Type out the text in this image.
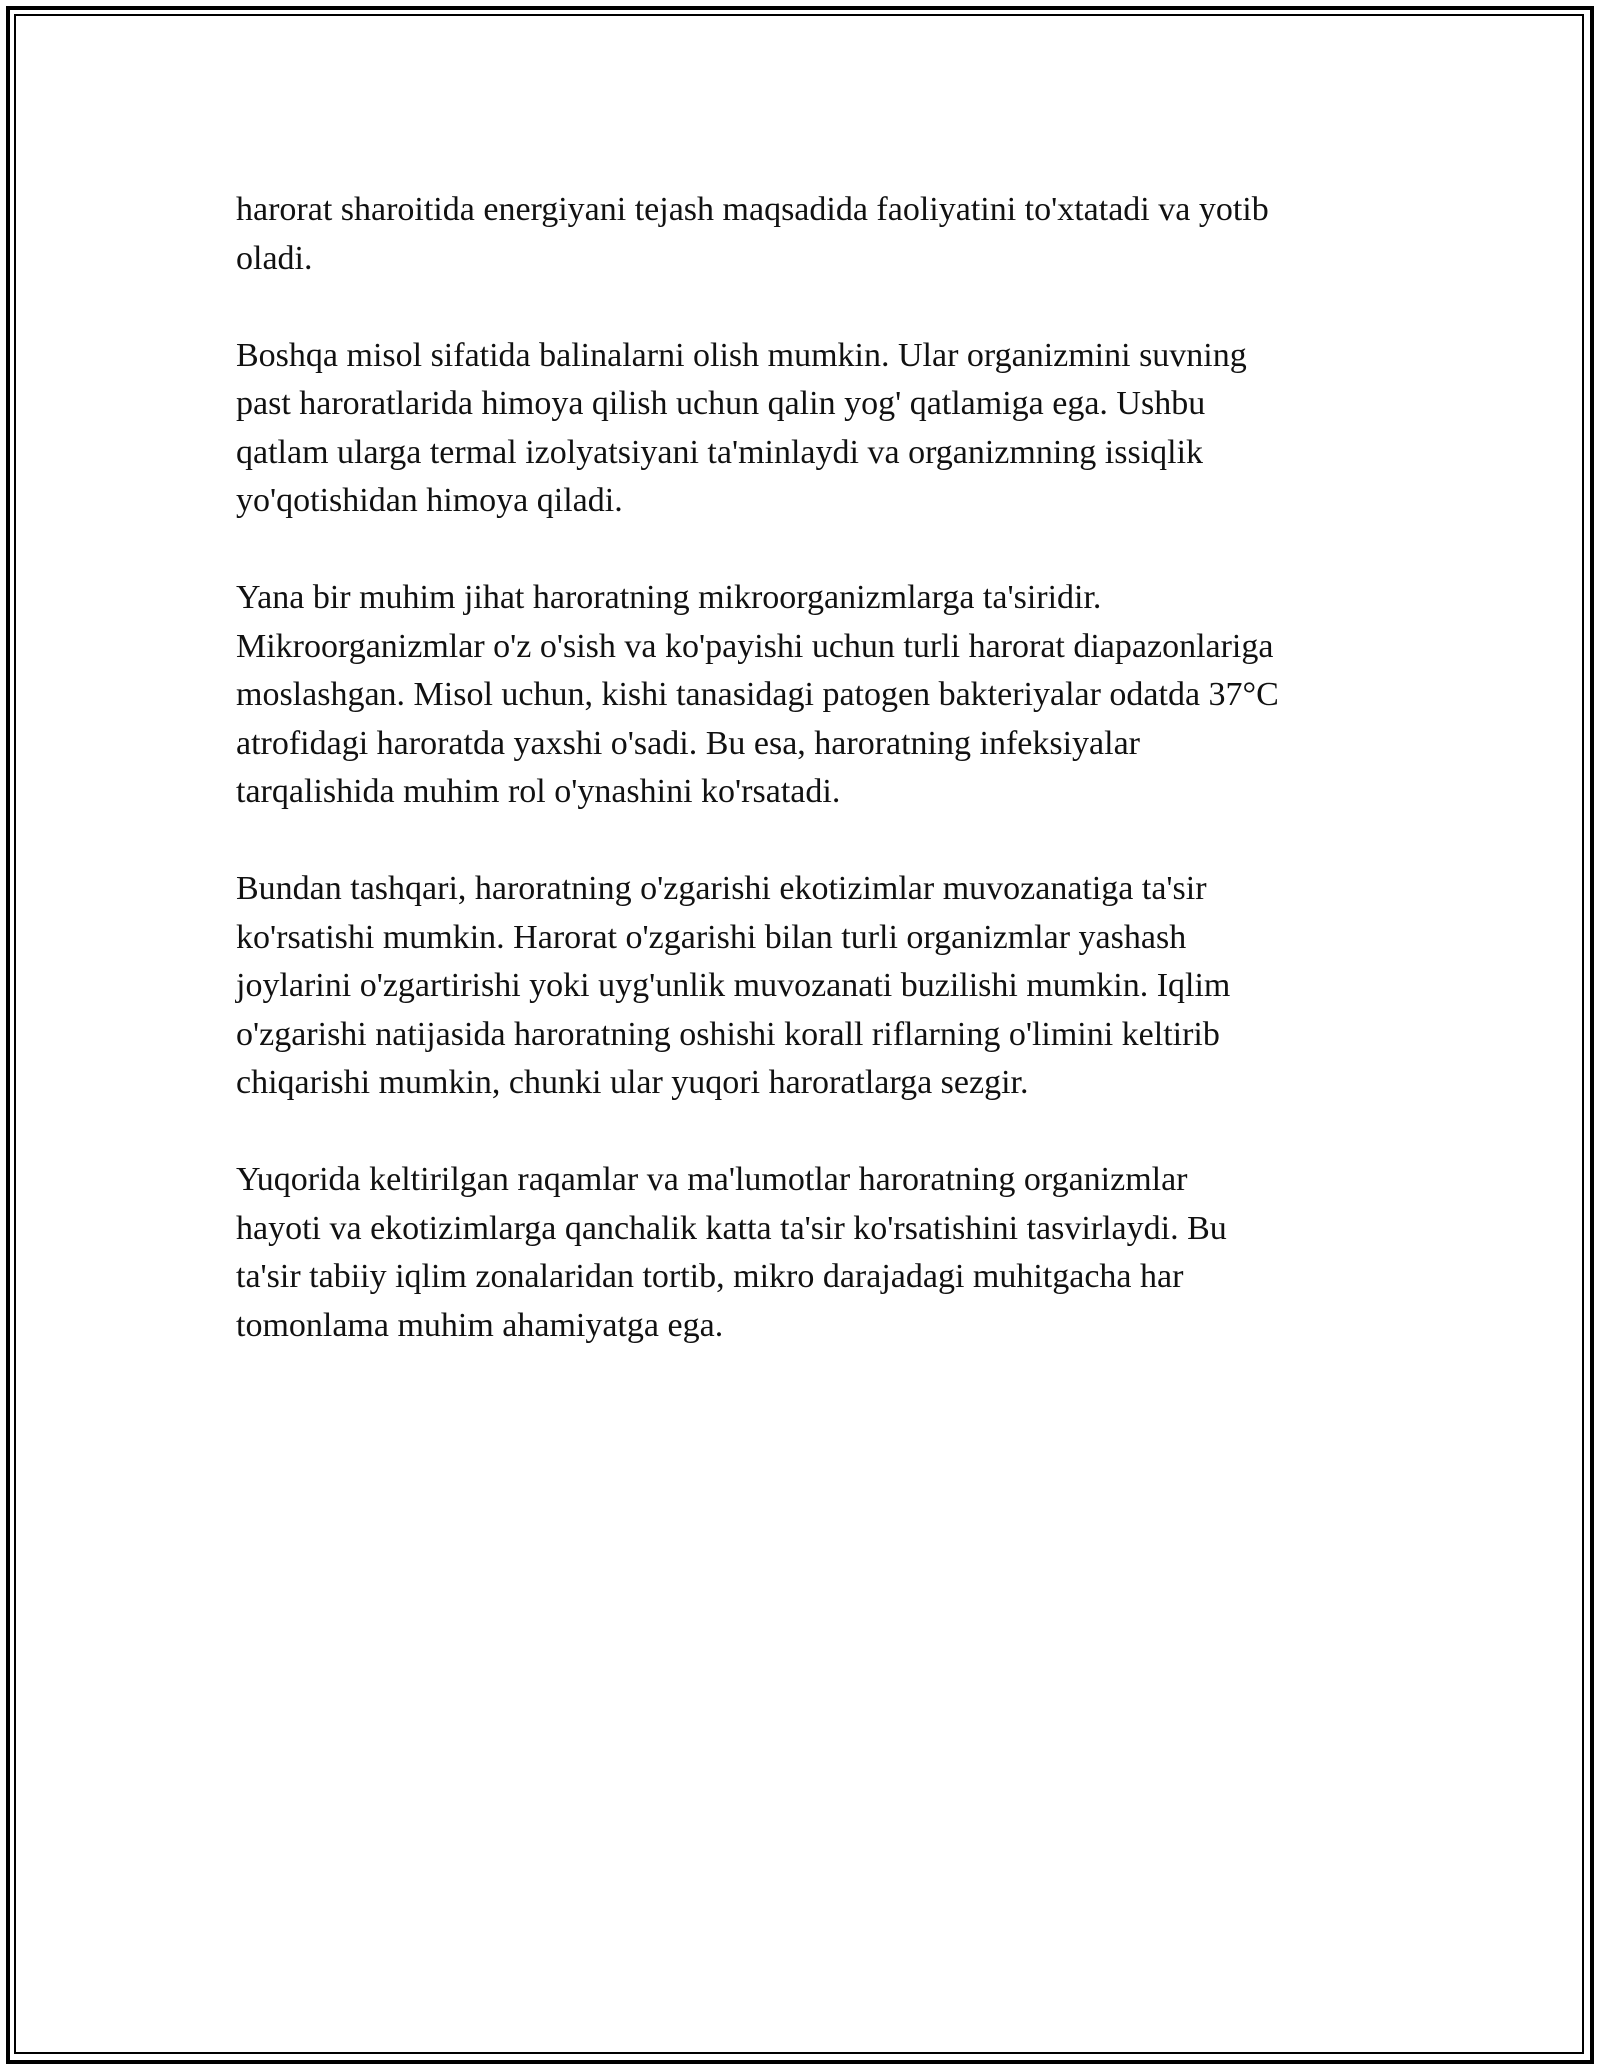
harorat sharoitida energiyani tejash maqsadida faoliyatini to'xtatadi va yotib
oladi.

Boshqa misol sifatida balinalarni olish mumkin. Ular organizmini suvning
past haroratlarida himoya qilish uchun qalin yog' qatlamiga ega. Ushbu
qatlam ularga termal izolyatsiyani ta'minlaydi va organizmning issiqlik
yo'qotishidan himoya qiladi.

Yana bir muhim jihat haroratning mikroorganizmlarga ta'siridir.
Mikroorganizmlar o'z o'sish va ko'payishi uchun turli harorat diapazonlariga
moslashgan. Misol uchun, kishi tanasidagi patogen bakteriyalar odatda 37°C
atrofidagi haroratda yaxshi o'sadi. Bu esa, haroratning infeksiyalar
tarqalishida muhim rol o'ynashini ko'rsatadi.

Bundan tashqari, haroratning o'zgarishi ekotizimlar muvozanatiga ta'sir
ko'rsatishi mumkin. Harorat o'zgarishi bilan turli organizmlar yashash
joylarini o'zgartirishi yoki uyg'unlik muvozanati buzilishi mumkin. Iqlim
o'zgarishi natijasida haroratning oshishi korall riflarning o'limini keltirib
chiqarishi mumkin, chunki ular yuqori haroratlarga sezgir.

Yuqorida keltirilgan raqamlar va ma'lumotlar haroratning organizmlar
hayoti va ekotizimlarga qanchalik katta ta'sir ko'rsatishini tasvirlaydi. Bu
ta'sir tabiiy iqlim zonalaridan tortib, mikro darajadagi muhitgacha har
tomonlama muhim ahamiyatga ega.
